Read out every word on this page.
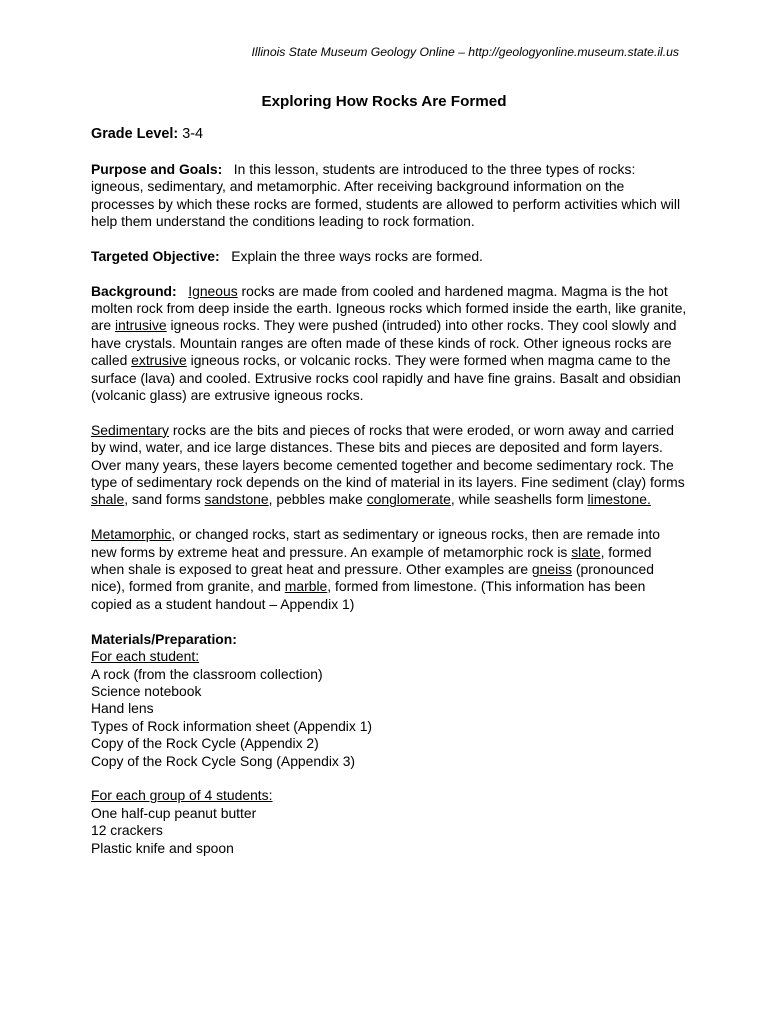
Illinois State Museum Geology Online – http://geologyonline.museum.state.il.us
Exploring How Rocks Are Formed

Grade Level: 3-4

Purpose and Goals: In this lesson, students are introduced to the three types of rocks: igneous, sedimentary, and metamorphic. After receiving background information on the processes by which these rocks are formed, students are allowed to perform activities which will help them understand the conditions leading to rock formation.

Targeted Objective: Explain the three ways rocks are formed.

Background: Igneous rocks are made from cooled and hardened magma. Magma is the hot molten rock from deep inside the earth. Igneous rocks which formed inside the earth, like granite, are intrusive igneous rocks. They were pushed (intruded) into other rocks. They cool slowly and have crystals. Mountain ranges are often made of these kinds of rock. Other igneous rocks are called extrusive igneous rocks, or volcanic rocks. They were formed when magma came to the surface (lava) and cooled. Extrusive rocks cool rapidly and have fine grains. Basalt and obsidian (volcanic glass) are extrusive igneous rocks.

Sedimentary rocks are the bits and pieces of rocks that were eroded, or worn away and carried by wind, water, and ice large distances. These bits and pieces are deposited and form layers. Over many years, these layers become cemented together and become sedimentary rock. The type of sedimentary rock depends on the kind of material in its layers. Fine sediment (clay) forms shale, sand forms sandstone, pebbles make conglomerate, while seashells form limestone.

Metamorphic, or changed rocks, start as sedimentary or igneous rocks, then are remade into new forms by extreme heat and pressure. An example of metamorphic rock is slate, formed when shale is exposed to great heat and pressure. Other examples are gneiss (pronounced nice), formed from granite, and marble, formed from limestone. (This information has been copied as a student handout – Appendix 1)

Materials/Preparation:
For each student:
A rock (from the classroom collection)
Science notebook
Hand lens
Types of Rock information sheet (Appendix 1)
Copy of the Rock Cycle (Appendix 2)
Copy of the Rock Cycle Song (Appendix 3)
For each group of 4 students:
One half-cup peanut butter
12 crackers
Plastic knife and spoon
